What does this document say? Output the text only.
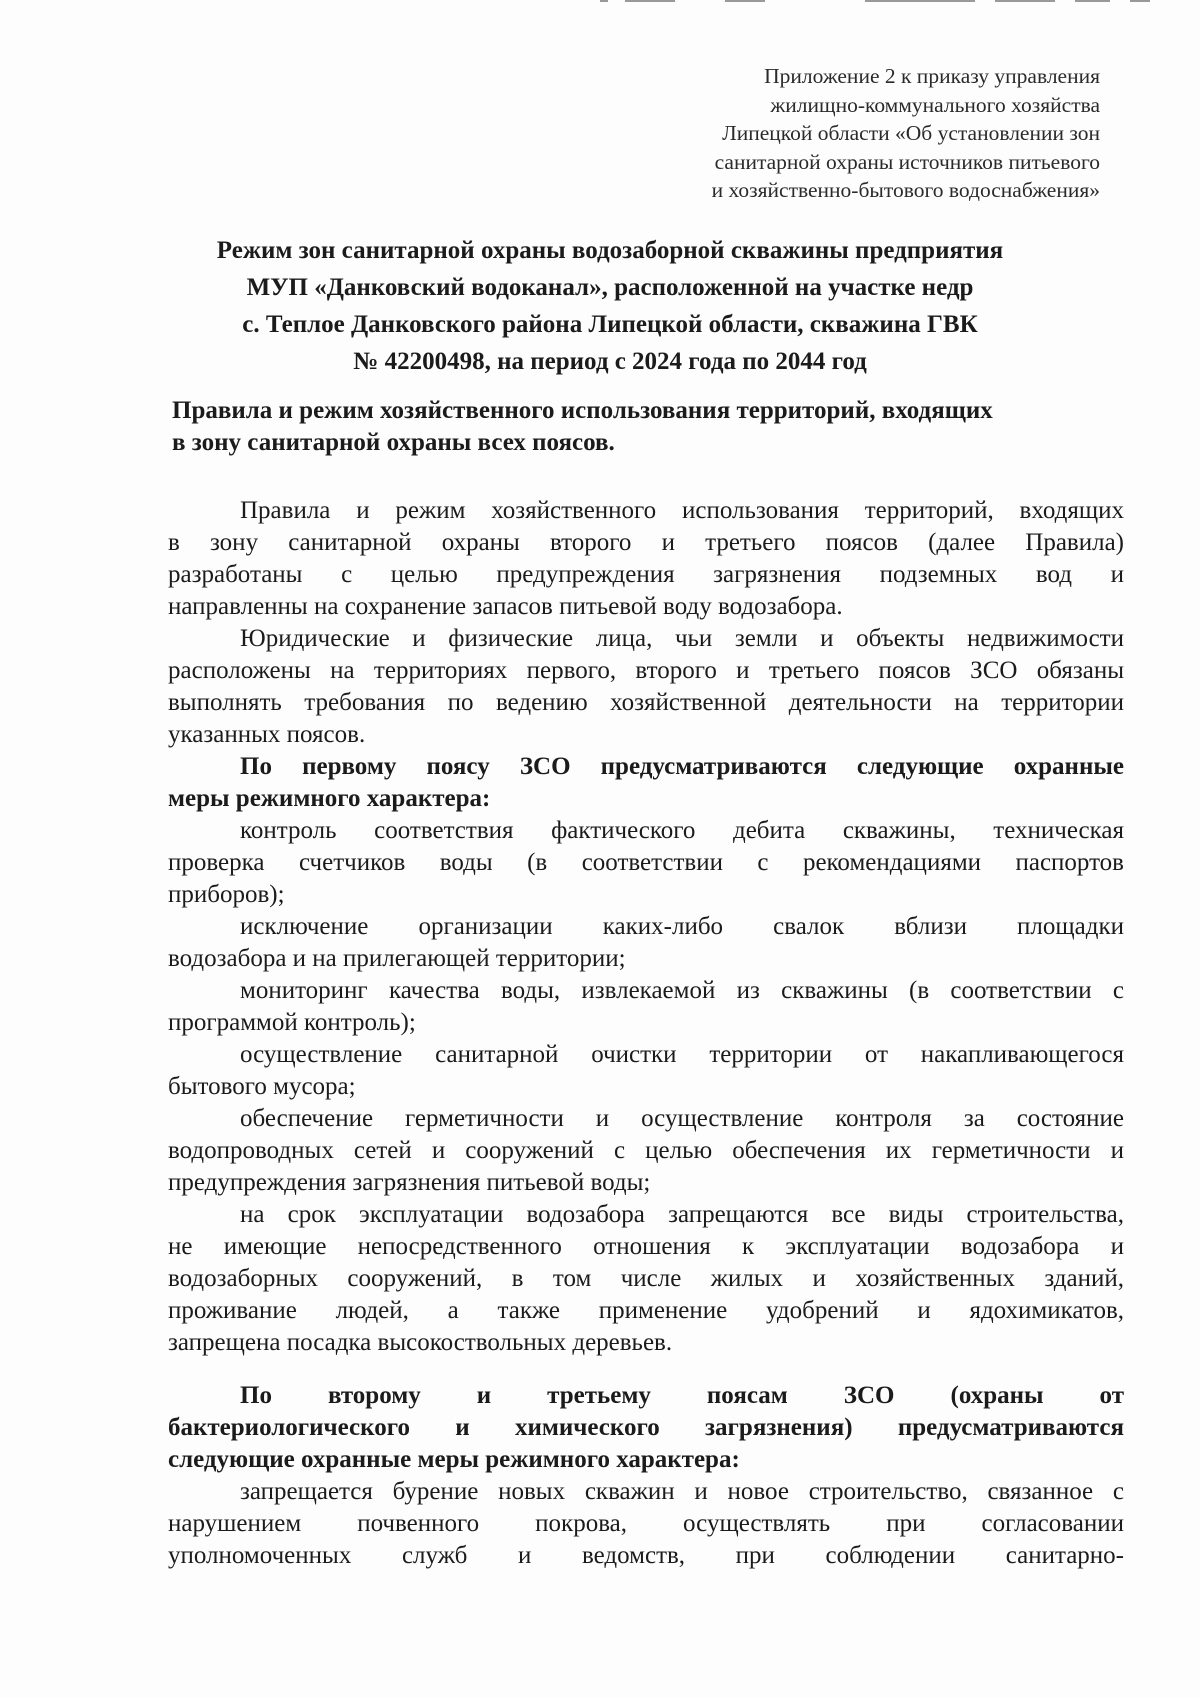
Приложение 2 к приказу управления
жилищно-коммунального хозяйства
Липецкой области «Об установлении зон
санитарной охраны источников питьевого
и хозяйственно-бытового водоснабжения»
Режим зон санитарной охраны водозаборной скважины предприятия
МУП «Данковский водоканал», расположенной на участке недр
с. Теплое Данковского района Липецкой области, скважина ГВК
№ 42200498, на период с 2024 года по 2044 год
Правила и режим хозяйственного использования территорий, входящих
в зону санитарной охраны всех поясов.
Правила и режим хозяйственного использования территорий, входящих
в зону санитарной охраны второго и третьего поясов (далее Правила)
разработаны с целью предупреждения загрязнения подземных вод и
направленны на сохранение запасов питьевой воду водозабора.
Юридические и физические лица, чьи земли и объекты недвижимости
расположены на территориях первого, второго и третьего поясов ЗСО обязаны
выполнять требования по ведению хозяйственной деятельности на территории
указанных поясов.
По первому поясу ЗСО предусматриваются следующие охранные
меры режимного характера:
контроль соответствия фактического дебита скважины, техническая
проверка счетчиков воды (в соответствии с рекомендациями паспортов
приборов);
исключение организации каких-либо свалок вблизи площадки
водозабора и на прилегающей территории;
мониторинг качества воды, извлекаемой из скважины (в соответствии с
программой контроль);
осуществление санитарной очистки территории от накапливающегося
бытового мусора;
обеспечение герметичности и осуществление контроля за состояние
водопроводных сетей и сооружений с целью обеспечения их герметичности и
предупреждения загрязнения питьевой воды;
на срок эксплуатации водозабора запрещаются все виды строительства,
не имеющие непосредственного отношения к эксплуатации водозабора и
водозаборных сооружений, в том числе жилых и хозяйственных зданий,
проживание людей, а также применение удобрений и ядохимикатов,
запрещена посадка высокоствольных деревьев.
По второму и третьему поясам ЗСО (охраны от
бактериологического и химического загрязнения) предусматриваются
следующие охранные меры режимного характера:
запрещается бурение новых скважин и новое строительство, связанное с
нарушением почвенного покрова, осуществлять при согласовании
уполномоченных служб и ведомств, при соблюдении санитарно-
